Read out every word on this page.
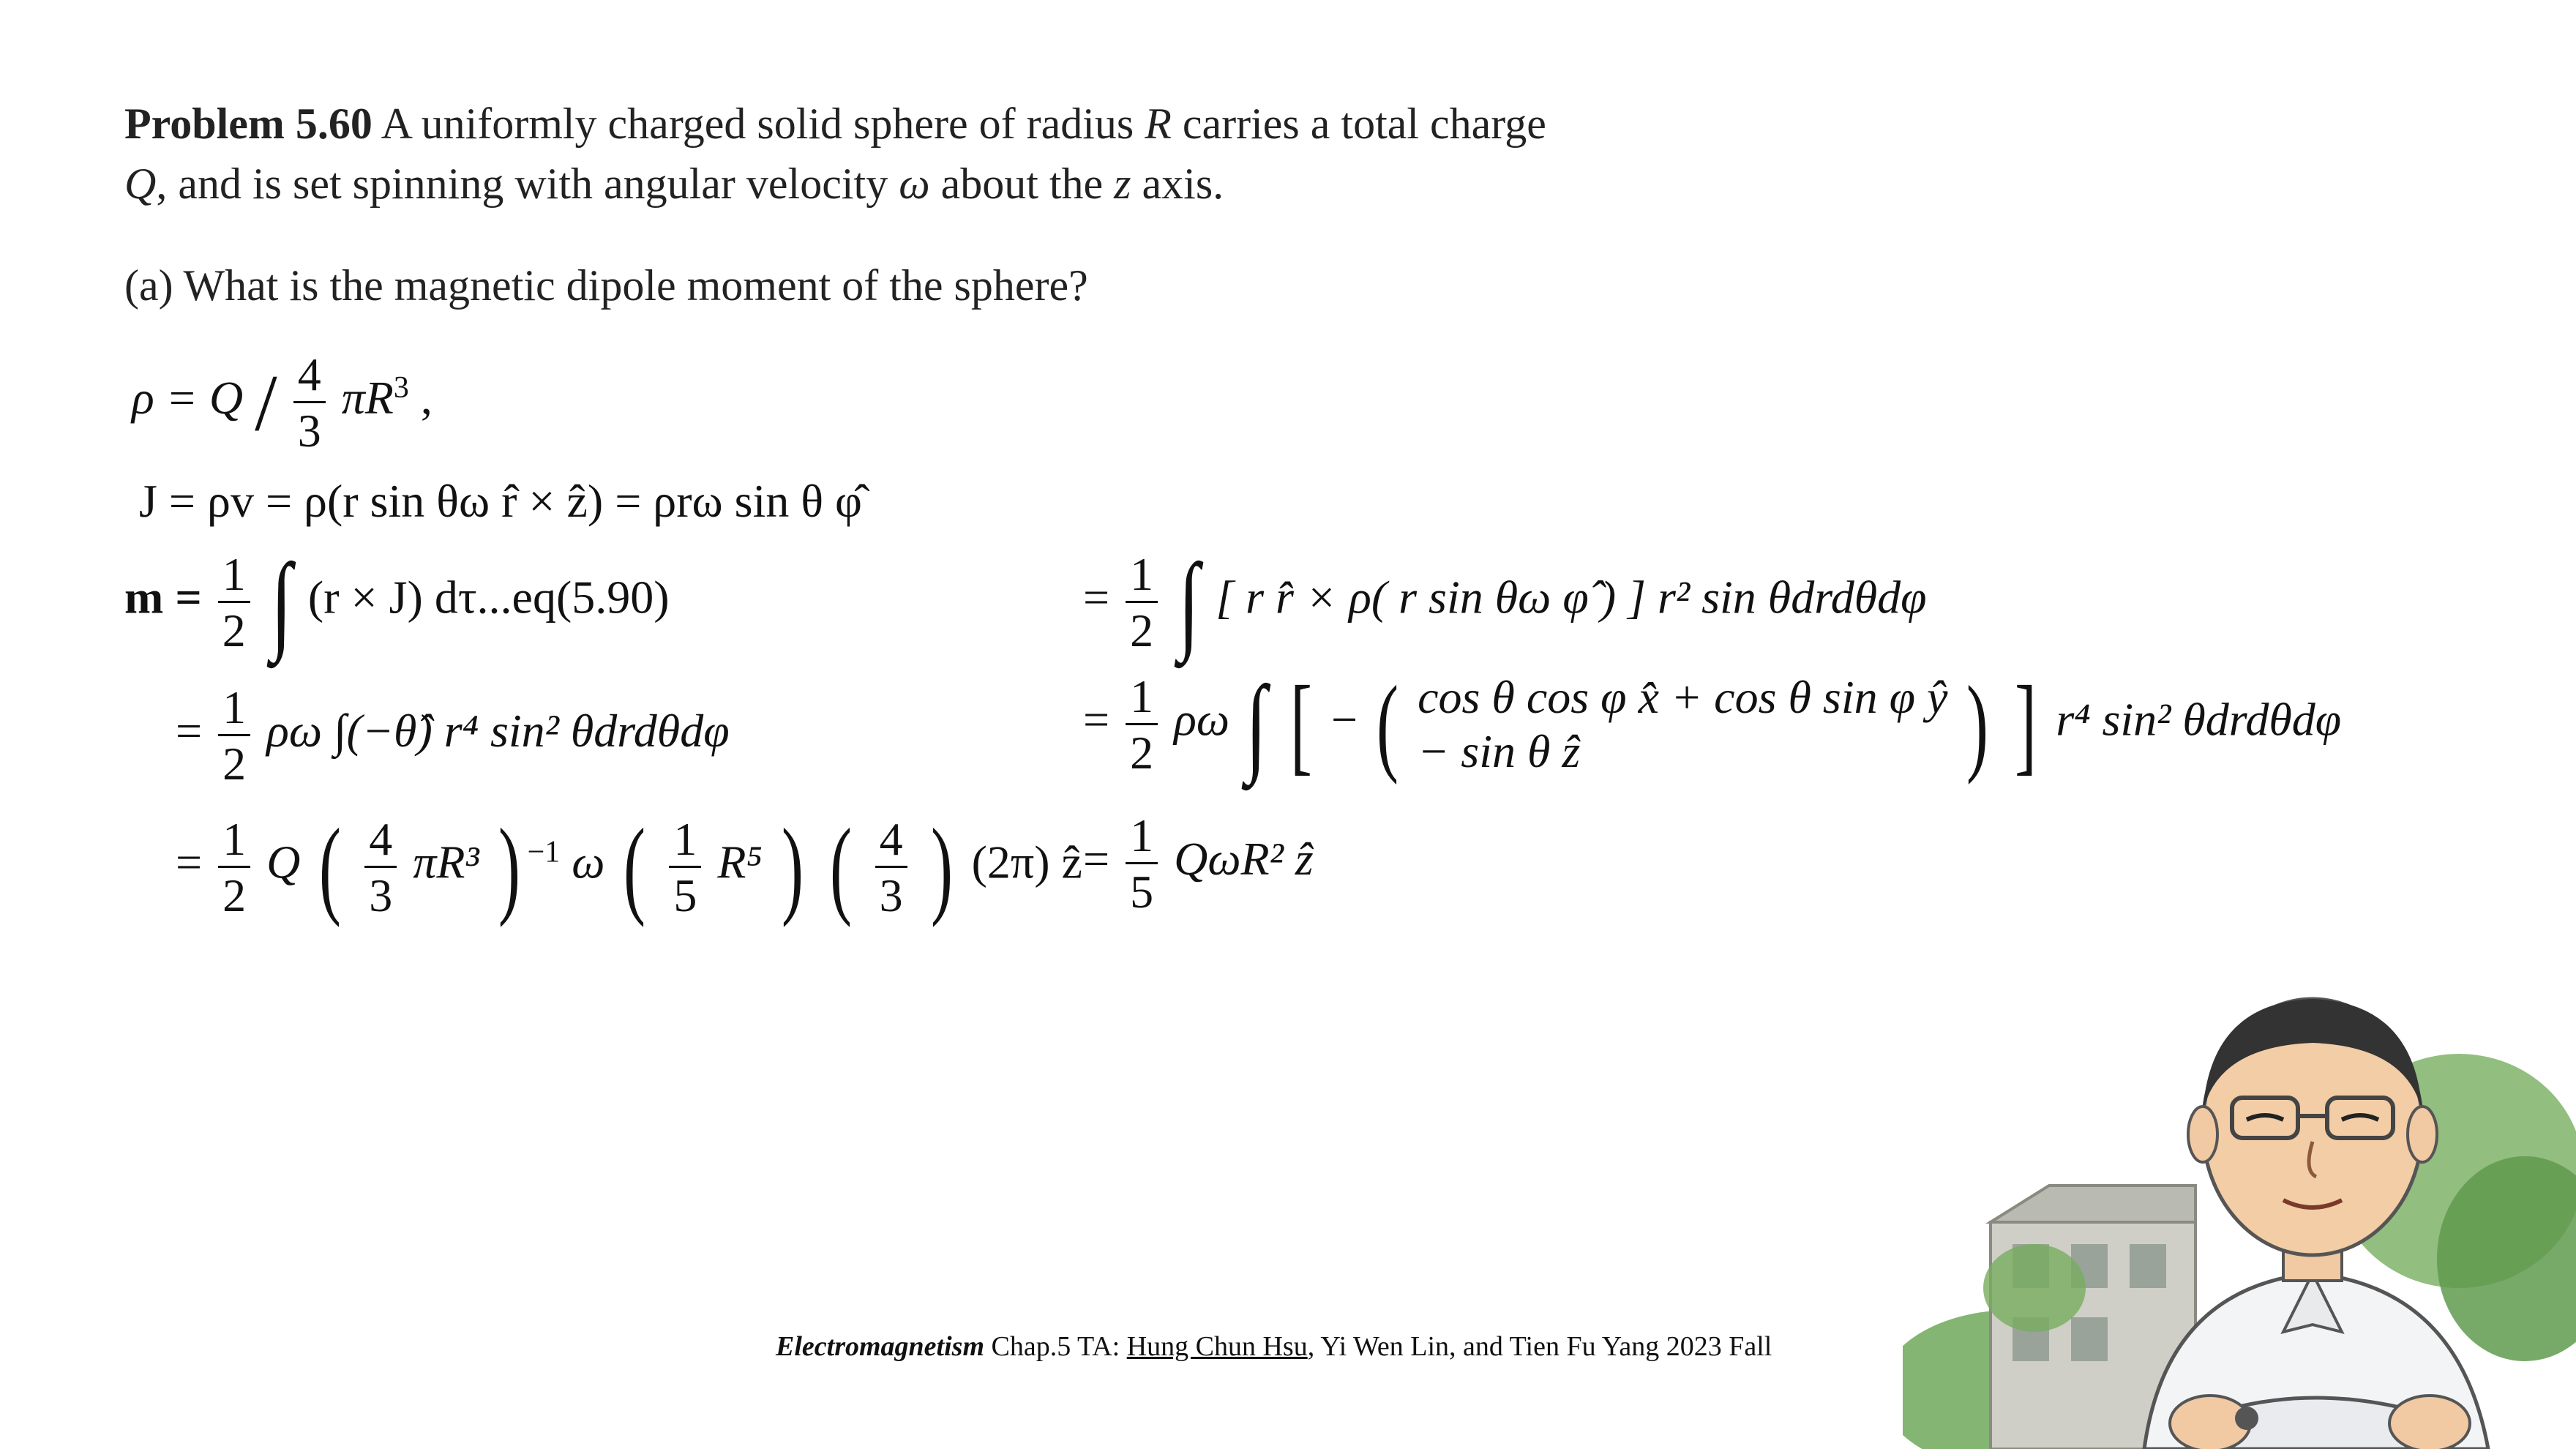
Problem 5.60 A uniformly charged solid sphere of radius R carries a total charge
Q, and is set spinning with angular velocity ω about the z axis.
(a) What is the magnetic dipole moment of the sphere?
$\rho = Q / \frac{4}{3} \pi R^3$ ,
J = ρv = ρ(r sin θω r̂ × ẑ) = ρrω sin θ φ̂
$m = \frac{1}{2}$ ∫ (r × J) dτ...eq(5.90)	= $\frac{1}{2}$ ∫ [ r r̂ × ρ( r sin θω φ̂ ) ] r² sin θdrdθdφ
= $\frac{1}{2}$ ρω ∫(−θ̂) r⁴ sin² θdrdθdφ	= $\frac{1}{2}$ ρω ∫ [ − ( cos θ cos φ x̂ + cos θ sin φ ŷ
− sin θ ẑ	) ] r⁴ sin² θdrdθdφ
= $\frac{1}{2}$ Q ( $\frac{4}{3} \pi R^3$ ) $^{-1}$ ω ( $\frac{1}{5} R^5$ ) ( $\frac{4}{3}$ ) (2π) ẑ = $\frac{1}{5} Q\omega R^2$ ẑ
Electromagnetism Chap.5 TA: Hung Chun Hsu, Yi Wen Lin, and Tien Fu Yang 2023 Fall
